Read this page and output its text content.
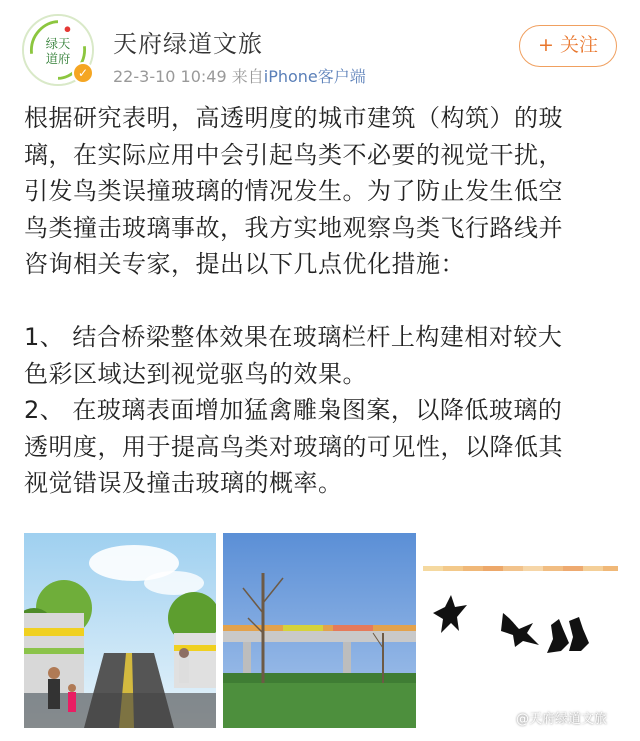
绿天
道府
✓
天府绿道文旅
22-3-10 10:49 来自iPhone客户端
+ 关注

根据研究表明，高透明度的城市建筑（构筑）的玻

璃，在实际应用中会引起鸟类不必要的视觉干扰，

引发鸟类误撞玻璃的情况发生。为了防止发生低空

鸟类撞击玻璃事故，我方实地观察鸟类飞行路线并

咨询相关专家，提出以下几点优化措施：

1、 结合桥梁整体效果在玻璃栏杆上构建相对较大

色彩区域达到视觉驱鸟的效果。

2、 在玻璃表面增加猛禽雕枭图案，以降低玻璃的

透明度，用于提高鸟类对玻璃的可见性，以降低其

视觉错误及撞击玻璃的概率。

@天府绿道文旅
